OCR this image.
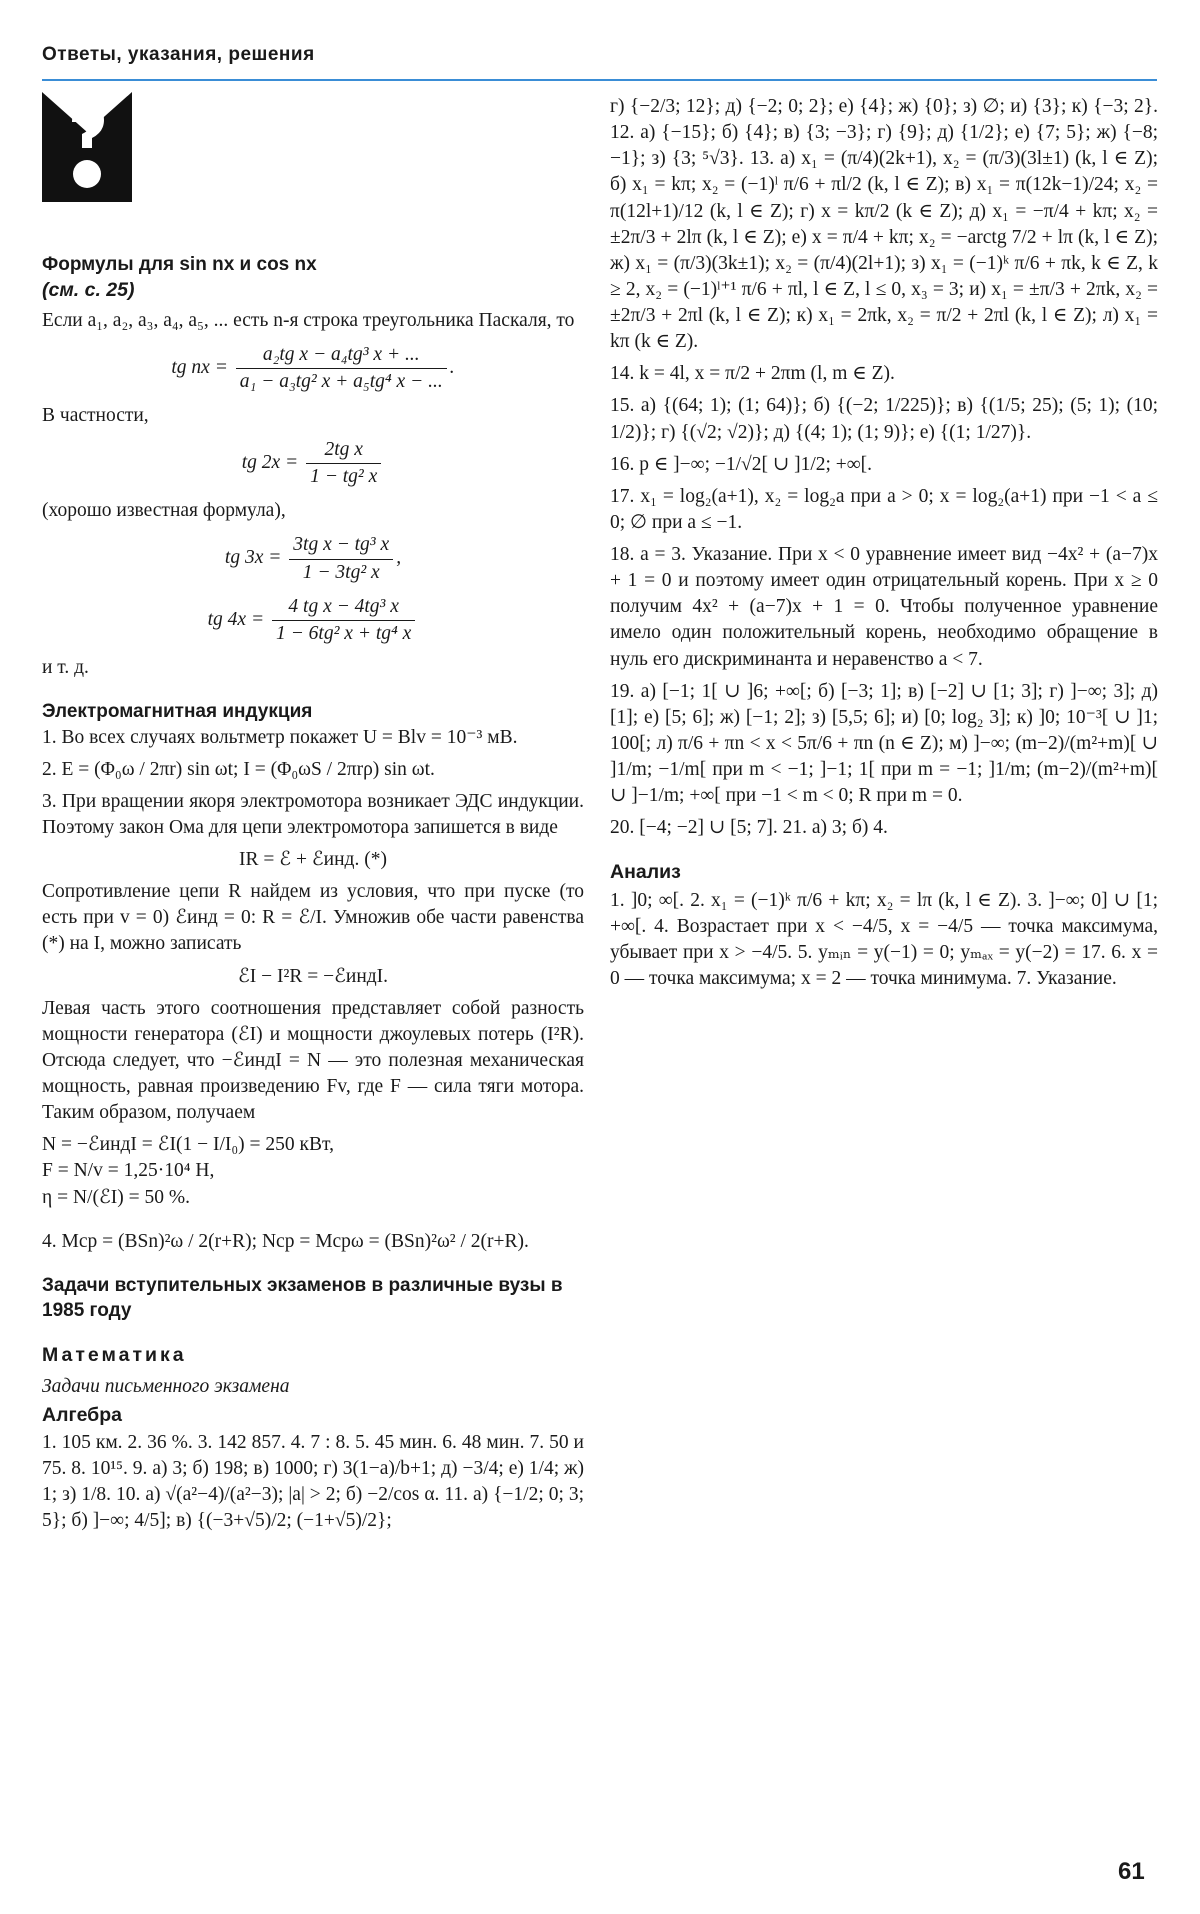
Ответы, указания, решения
Формулы для sin nx и cos nx
(см. с. 25)

Если a₁, a₂, a₃, a₄, a₅, ... есть n-я строка треугольника Паскаля, то

tg nx = $\frac{\text{a₂tg x − a₄tg³ x + ...}}{\text{a₁ − a₃tg² x + a₅tg⁴ x − ...}}$ .

В частности,

tg $2x = \frac{\text{2tg x}}{\text{1 − tg² x}}$

(хорошо известная формула),

tg $3x = \frac{\text{3tg x − tg³ x}}{\text{1 − 3tg² x}}$ ,
tg $4x = \frac{\text{4 tg x − 4tg³ x}}{\text{1 − 6tg² x + tg⁴ x}}$

и т. д.

Электромагнитная индукция

1. Во всех случаях вольтметр покажет U = Blv = 10⁻³ мВ.

2. E = (Φ₀ω / 2πr) sin ωt; I = (Φ₀ωS / 2πrρ) sin ωt.

3. При вращении якоря электромотора возникает ЭДС индукции. Поэтому закон Ома для цепи электромотора запишется в виде

IR = ℰ + ℰинд. (*)

Сопротивление цепи R найдем из условия, что при пуске (то есть при v = 0) ℰинд = 0: R = ℰ/I. Умножив обе части равенства (*) на I, можно записать

ℰI − I²R = −ℰиндI.

Левая часть этого соотношения представляет собой разность мощности генератора (ℰI) и мощности джоулевых потерь (I²R). Отсюда следует, что −ℰиндI = N — это полезная механическая мощность, равная произведению Fv, где F — сила тяги мотора. Таким образом, получаем

N = −ℰиндI = ℰI(1 − I/I₀) = 250 кВт,
F = N/v = 1,25·10⁴ Н,
η = N/(ℰI) = 50 %.

4. Mср = (BSn)²ω / 2(r+R); Nср = Mсрω = (BSn)²ω² / 2(r+R).

Задачи вступительных экзаменов в различные вузы в 1985 году
Математика
Задачи письменного экзамена
Алгебра

1. 105 км. 2. 36 %. 3. 142 857. 4. 7 : 8. 5. 45 мин. 6. 48 мин. 7. 50 и 75. 8. 10¹⁵. 9. а) 3; б) 198; в) 1000; г) 3(1−a)/b+1; д) −3/4; е) 1/4; ж) 1; з) 1/8. 10. а) √(a²−4)/(a²−3); |a| > 2; б) −2/cos α. 11. а) {−1/2; 0; 3; 5}; б) ]−∞; 4/5]; в) {(−3+√5)/2; (−1+√5)/2};

г) {−2/3; 12}; д) {−2; 0; 2}; е) {4}; ж) {0}; з) ∅; и) {3}; к) {−3; 2}. 12. а) {−15}; б) {4}; в) {3; −3}; г) {9}; д) {1/2}; е) {7; 5}; ж) {−8; −1}; з) {3; ⁵√3}. 13. а) x₁ = (π/4)(2k+1), x₂ = (π/3)(3l±1) (k, l ∈ Z); б) x₁ = kπ; x₂ = (−1)ˡ π/6 + πl/2 (k, l ∈ Z); в) x₁ = π(12k−1)/24; x₂ = π(12l+1)/12 (k, l ∈ Z); г) x = kπ/2 (k ∈ Z); д) x₁ = −π/4 + kπ; x₂ = ±2π/3 + 2lπ (k, l ∈ Z); е) x = π/4 + kπ; x₂ = −arctg 7/2 + lπ (k, l ∈ Z); ж) x₁ = (π/3)(3k±1); x₂ = (π/4)(2l+1); з) x₁ = (−1)ᵏ π/6 + πk, k ∈ Z, k ≥ 2, x₂ = (−1)ˡ⁺¹ π/6 + πl, l ∈ Z, l ≤ 0, x₃ = 3; и) x₁ = ±π/3 + 2πk, x₂ = ±2π/3 + 2πl (k, l ∈ Z); к) x₁ = 2πk, x₂ = π/2 + 2πl (k, l ∈ Z); л) x₁ = kπ (k ∈ Z).

14. k = 4l, x = π/2 + 2πm (l, m ∈ Z).

15. а) {(64; 1); (1; 64)}; б) {(−2; 1/225)}; в) {(1/5; 25); (5; 1); (10; 1/2)}; г) {(√2; √2)}; д) {(4; 1); (1; 9)}; е) {(1; 1/27)}.

16. p ∈ ]−∞; −1/√2[ ∪ ]1/2; +∞[.

17. x₁ = log₂(a+1), x₂ = log₂a при a > 0; x = log₂(a+1) при −1 < a ≤ 0; ∅ при a ≤ −1.

18. a = 3. Указание. При x < 0 уравнение имеет вид −4x² + (a−7)x + 1 = 0 и поэтому имеет один отрицательный корень. При x ≥ 0 получим 4x² + (a−7)x + 1 = 0. Чтобы полученное уравнение имело один положительный корень, необходимо обращение в нуль его дискриминанта и неравенство a < 7.

19. а) [−1; 1[ ∪ ]6; +∞[; б) [−3; 1]; в) [−2] ∪ [1; 3]; г) ]−∞; 3]; д) [1]; е) [5; 6]; ж) [−1; 2]; з) [5,5; 6]; и) [0; log₂ 3]; к) ]0; 10⁻³[ ∪ ]1; 100[; л) π/6 + πn < x < 5π/6 + πn (n ∈ Z); м) ]−∞; (m−2)/(m²+m)[ ∪ ]1/m; −1/m[ при m < −1; ]−1; 1[ при m = −1; ]1/m; (m−2)/(m²+m)[ ∪ ]−1/m; +∞[ при −1 < m < 0; R при m = 0.

20. [−4; −2] ∪ [5; 7]. 21. а) 3; б) 4.

Анализ

1. ]0; ∞[. 2. x₁ = (−1)ᵏ π/6 + kπ; x₂ = lπ (k, l ∈ Z). 3. ]−∞; 0] ∪ [1; +∞[. 4. Возрастает при x < −4/5, x = −4/5 — точка максимума, убывает при x > −4/5. 5. yₘᵢₙ = y(−1) = 0; yₘₐₓ = y(−2) = 17. 6. x = 0 — точка максимума; x = 2 — точка минимума. 7. Указание.

61
